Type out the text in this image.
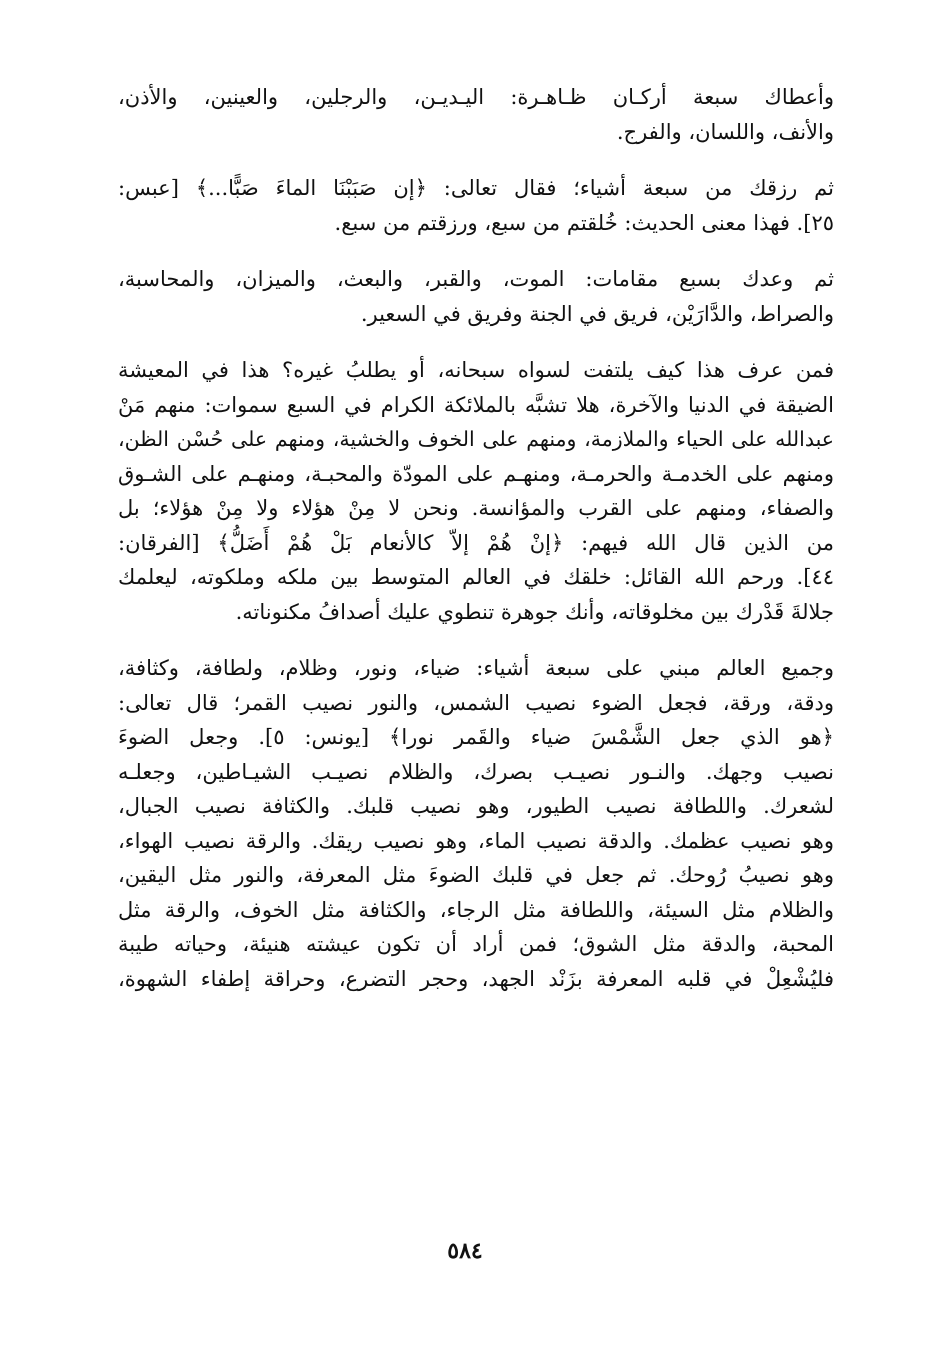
وأعطاك سبعة أركـان ظـاهـرة: اليـديـن، والرجلين، والعينين، والأذن،
والأنف، واللسان، والفرج.

ثم رزقك من سبعة أشياء؛ فقال تعالى: ﴿إن صَبَبْنَا الماءَ صَبًّا...﴾ [عبس:
٢٥]. فهذا معنى الحديث: خُلقتم من سبع، ورزقتم من سبع.

ثم وعدك بسبع مقامات: الموت، والقبر، والبعث، والميزان، والمحاسبة،
والصراط، والدَّارَيْن، فريق في الجنة وفريق في السعير.

فمن عرف هذا كيف يلتفت لسواه سبحانه، أو يطلبُ غيره؟ هذا في المعيشة
الضيقة في الدنيا والآخرة، هلا تشبَّه بالملائكة الكرام في السبع سموات: منهم مَنْ
عبدالله على الحياء والملازمة، ومنهم على الخوف والخشية، ومنهم على حُسْن الظن،
ومنهم على الخدمـة والحرمـة، ومنهـم على المودّة والمحبـة، ومنهـم على الشـوق
والصفاء، ومنهم على القرب والمؤانسة. ونحن لا مِنْ هؤلاء ولا مِنْ هؤلاء؛ بل
من الذين قال الله فيهم: ﴿إنْ هُمْ إلاّ كالأنعام بَلْ هُمْ أَضَلُّ﴾ [الفرقان:
٤٤]. ورحم الله القائل: خلقك في العالم المتوسط بين ملكه وملكوته، ليعلمك
جلالةَ قَدْرك بين مخلوقاته، وأنك جوهرة تنطوي عليك أصدافُ مكنوناته.

وجميع العالم مبني على سبعة أشياء: ضياء، ونور، وظلام، ولطافة، وكثافة،
ودقة، ورقة، فجعل الضوء نصيب الشمس، والنور نصيب القمر؛ قال تعالى:
﴿هو الذي جعل الشَّمْسَ ضياء والقَمر نورا﴾ [يونس: ٥]. وجعل الضوءَ
نصيب وجهك. والنـور نصيـب بصرك، والظلام نصيـب الشيـاطين، وجعلـه
لشعرك. واللطافة نصيب الطيور، وهو نصيب قلبك. والكثافة نصيب الجبال،
وهو نصيب عظمك. والدقة نصيب الماء، وهو نصيب ريقك. والرقة نصيب الهواء،
وهو نصيبُ رُوحك. ثم جعل في قلبك الضوءَ مثل المعرفة، والنور مثل اليقين،
والظلام مثل السيئة، واللطافة مثل الرجاء، والكثافة مثل الخوف، والرقة مثل
المحبة، والدقة مثل الشوق؛ فمن أراد أن تكون عيشته هنيئة، وحياته طيبة
فليُشْعِلْ في قلبه المعرفة بزَنْد الجهد، وحجر التضرع، وحراقة إطفاء الشهوة،

٥٨٤
